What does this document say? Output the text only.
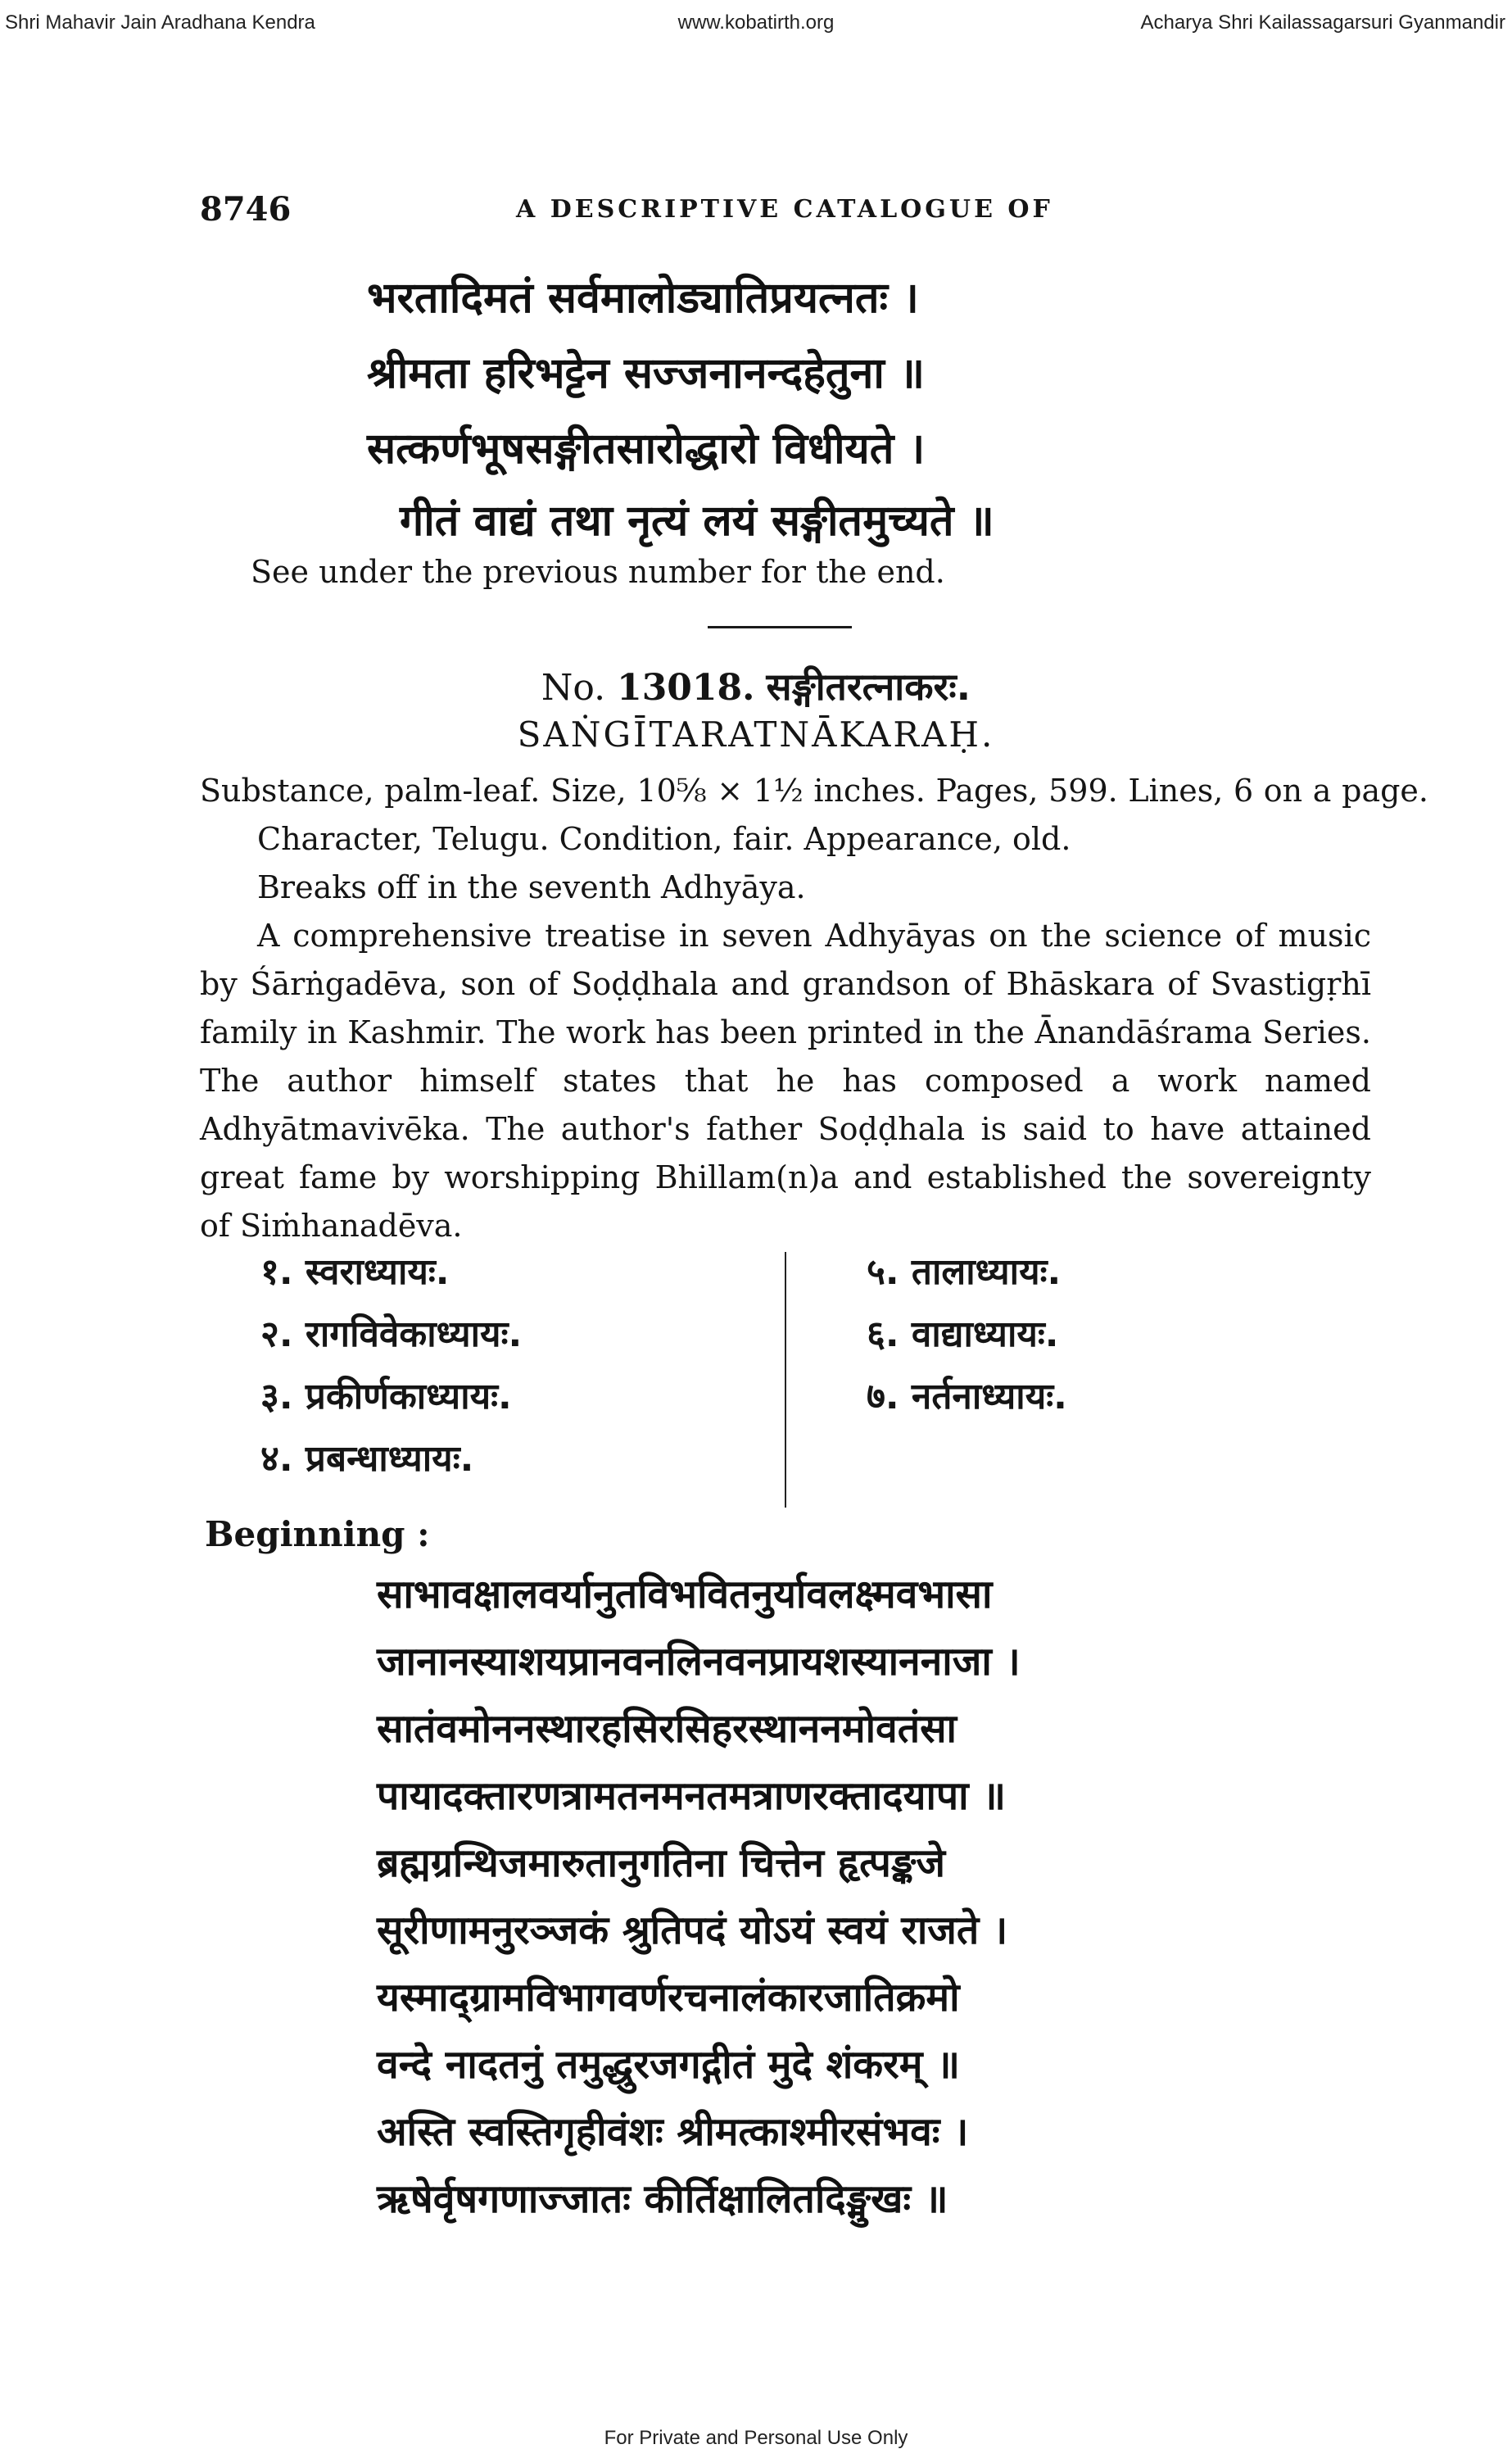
Shri Mahavir Jain Aradhana Kendra	www.kobatirth.org	Acharya Shri Kailassagarsuri Gyanmandir
8746	A DESCRIPTIVE CATALOGUE OF
भरतादिमतं सर्वमालोड्यातिप्रयत्नतः ।
श्रीमता हरिभट्टेन सज्जनानन्दहेतुना ॥
सत्कर्णभूषसङ्गीतसारोद्धारो विधीयते ।
गीतं वाद्यं तथा नृत्यं लयं सङ्गीतमुच्यते ॥
See under the previous number for the end.
No. 13018. सङ्गीतरत्नाकरः.
SAṄGĪTARATNĀKARAḤ.
Substance, palm-leaf. Size, 10⅝ × 1½ inches. Pages, 599. Lines, 6 on a page. Character, Telugu. Condition, fair. Appearance, old.
Breaks off in the seventh Adhyāya.
A comprehensive treatise in seven Adhyāyas on the science of music by Śārṅgadēva, son of Soḍḍhala and grandson of Bhāskara of Svastigṛhī family in Kashmir. The work has been printed in the Ānandāśrama Series. The author himself states that he has composed a work named Adhyātmavivēka. The author's father Soḍḍhala is said to have attained great fame by worshipping Bhillam(n)a and established the sovereignty of Siṁhanadēva.
१. स्वराध्यायः.
२. रागविवेकाध्यायः.
३. प्रकीर्णकाध्यायः.
४. प्रबन्धाध्यायः.
५. तालाध्यायः.
६. वाद्याध्यायः.
७. नर्तनाध्यायः.
Beginning :
साभावक्षालवर्यानुतविभवितनुर्यावलक्ष्मवभासा
जानानस्याशयप्रानवनलिनवनप्रायशस्याननाजा ।
सातंवमोननस्थारहसिरसिहरस्थाननमोवतंसा
पायादक्तारणत्रामतनमनतमत्राणरक्तादयापा ॥
ब्रह्मग्रन्थिजमारुतानुगतिना चित्तेन हृत्पङ्कजे
सूरीणामनुरञ्जकं श्रुतिपदं योऽयं स्वयं राजते ।
यस्माद्ग्रामविभागवर्णरचनालंकारजातिक्रमो
वन्दे नादतनुं तमुद्धुरजगद्गीतं मुदे शंकरम् ॥
अस्ति स्वस्तिगृहीवंशः श्रीमत्काश्मीरसंभवः ।
ऋषेर्वृषगणाज्जातः कीर्तिक्षालितदिङ्मुखः ॥
For Private and Personal Use Only
